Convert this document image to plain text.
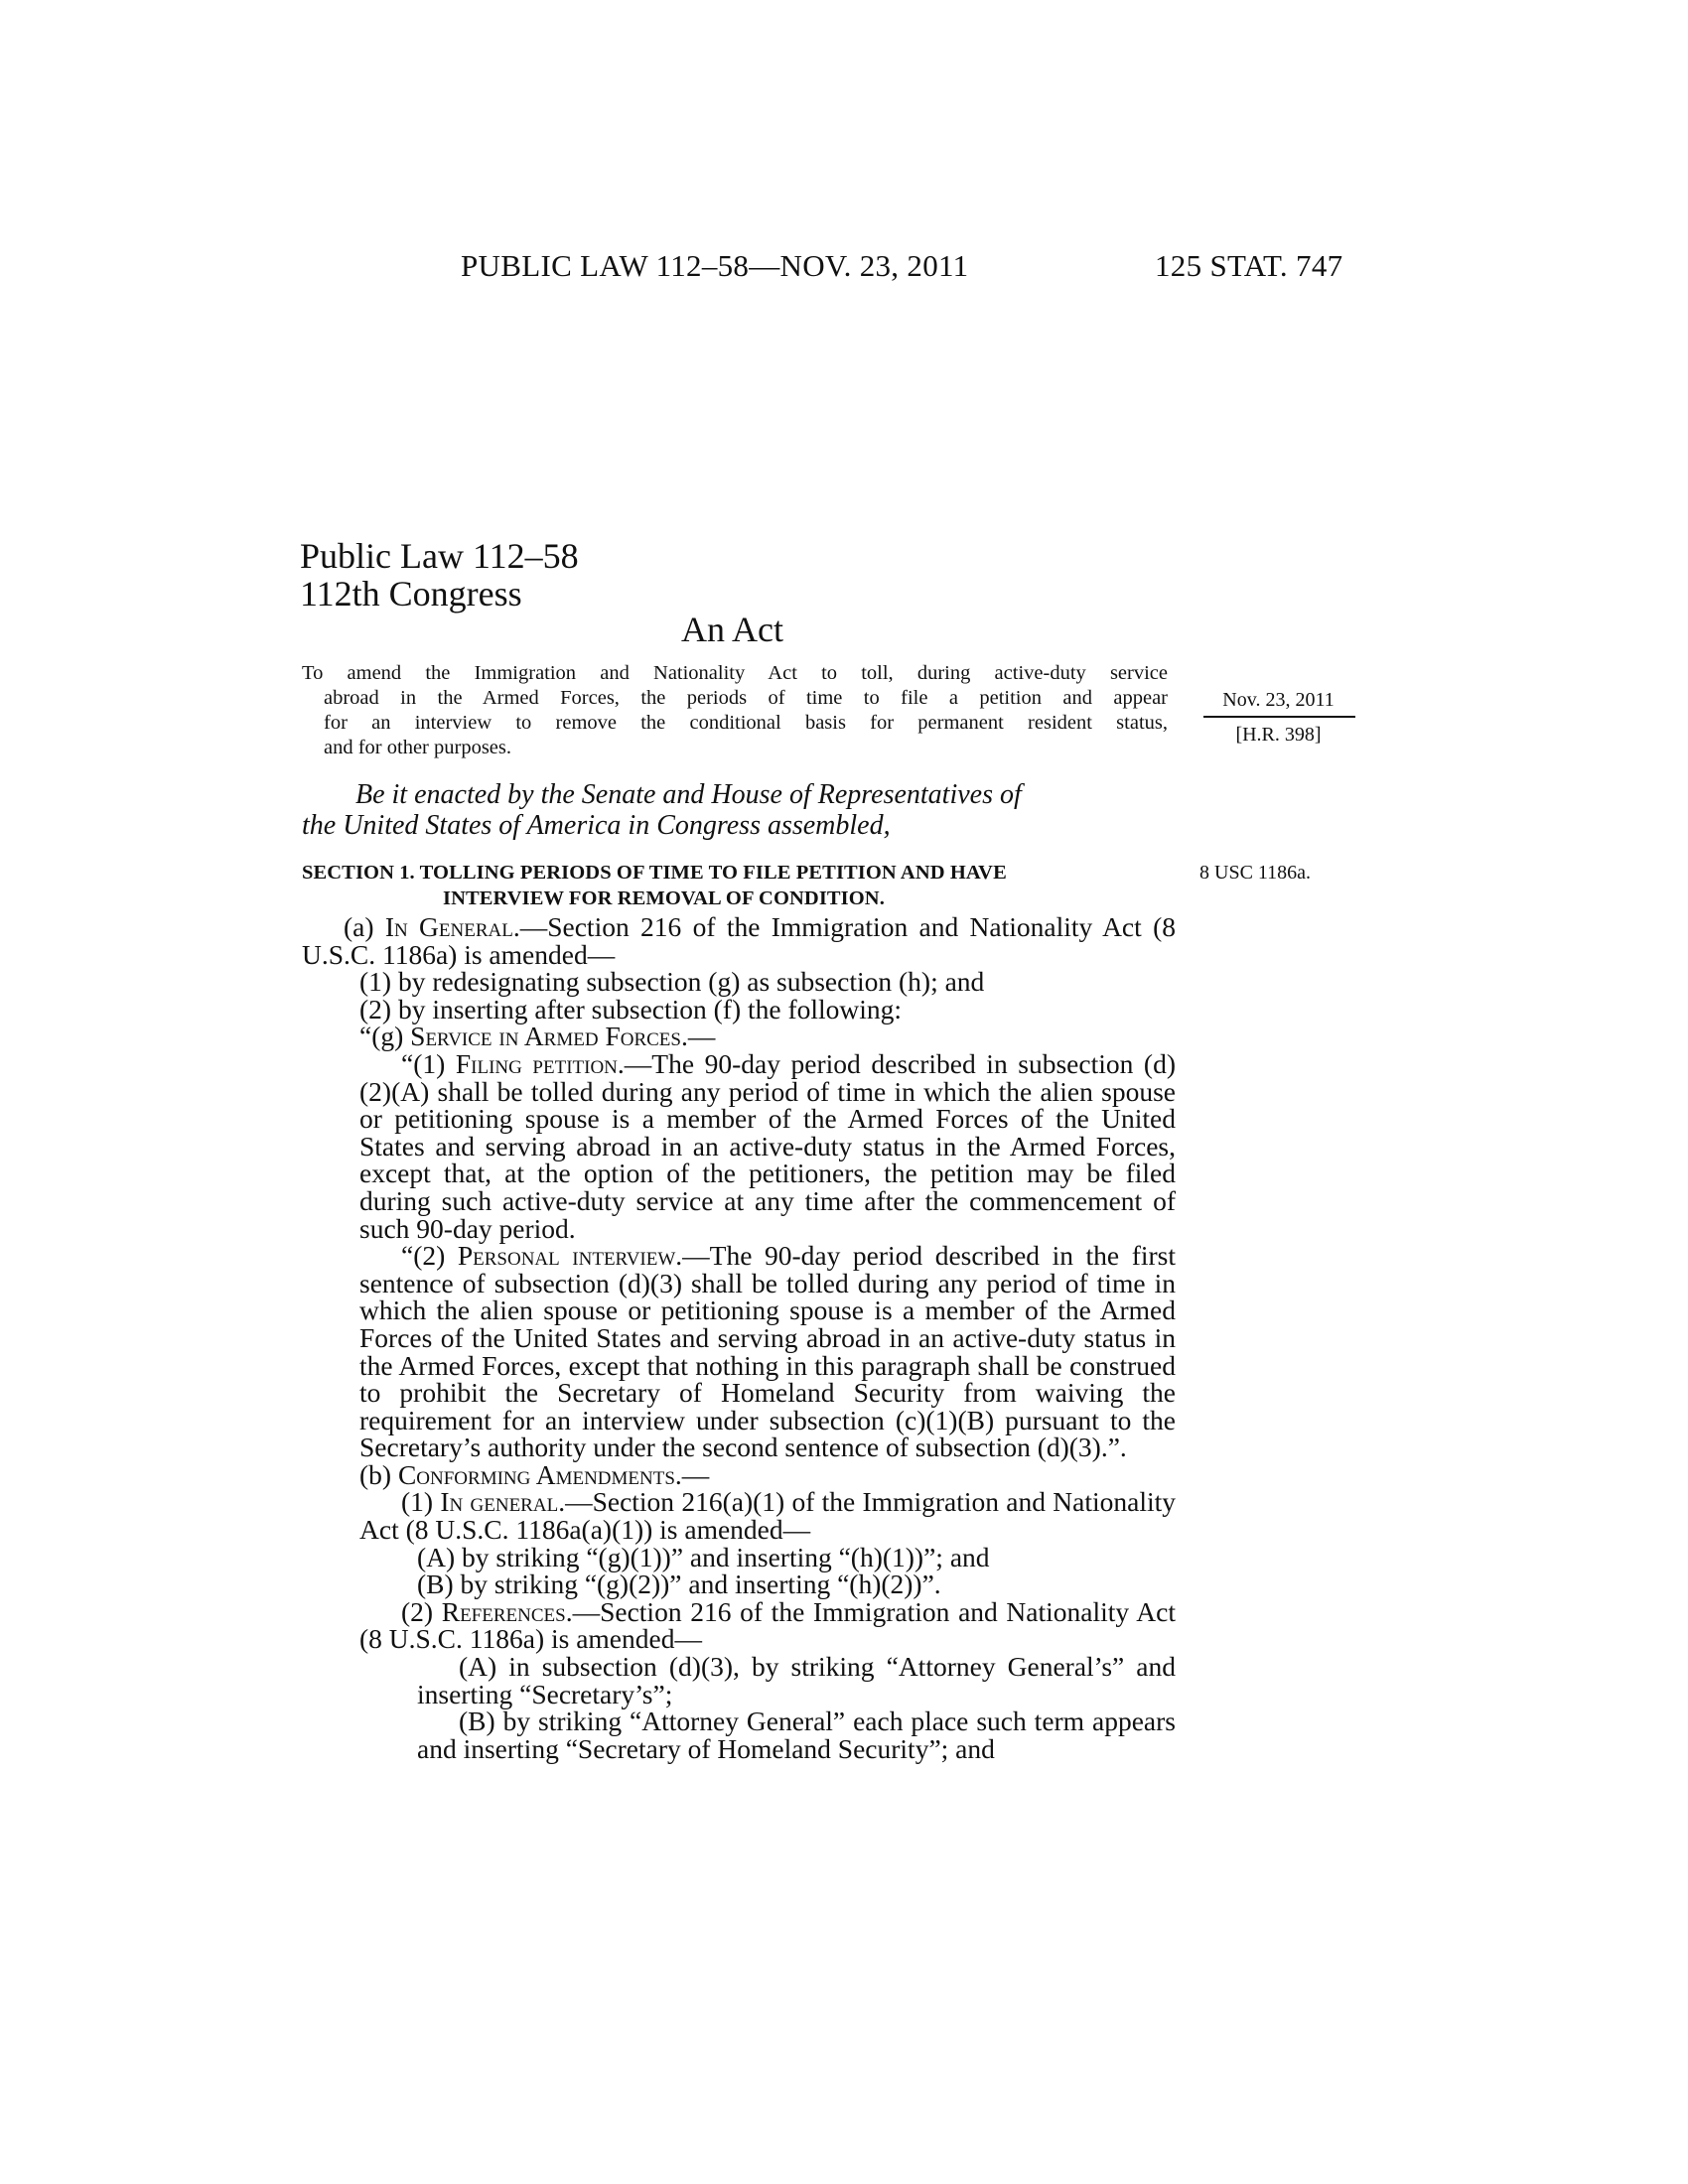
PUBLIC LAW 112–58—NOV. 23, 2011	125 STAT. 747
Public Law 112–58
112th Congress
An Act

To amend the Immigration and Nationality Act to toll, during active-duty service

abroad in the Armed Forces, the periods of time to file a petition and appear

for an interview to remove the conditional basis for permanent resident status,

and for other purposes.

Nov. 23, 2011
[H.R. 398]

Be it enacted by the Senate and House of Representatives of

the United States of America in Congress assembled,

SECTION 1. TOLLING PERIODS OF TIME TO FILE PETITION AND HAVE
INTERVIEW FOR REMOVAL OF CONDITION.
8 USC 1186a.

(a) In General.—Section 216 of the Immigration and Nationality Act (8 U.S.C. 1186a) is amended—

(1) by redesignating subsection (g) as subsection (h); and

(2) by inserting after subsection (f) the following:

“(g) Service in Armed Forces.—

“(1) Filing petition.—The 90-day period described in subsection (d)(2)(A) shall be tolled during any period of time in which the alien spouse or petitioning spouse is a member of the Armed Forces of the United States and serving abroad in an active-duty status in the Armed Forces, except that, at the option of the petitioners, the petition may be filed during such active-duty service at any time after the commencement of such 90-day period.

“(2) Personal interview.—The 90-day period described in the first sentence of subsection (d)(3) shall be tolled during any period of time in which the alien spouse or petitioning spouse is a member of the Armed Forces of the United States and serving abroad in an active-duty status in the Armed Forces, except that nothing in this paragraph shall be construed to prohibit the Secretary of Homeland Security from waiving the requirement for an interview under subsection (c)(1)(B) pursuant to the Secretary’s authority under the second sentence of subsection (d)(3).”.

(b) Conforming Amendments.—

(1) In general.—Section 216(a)(1) of the Immigration and Nationality Act (8 U.S.C. 1186a(a)(1)) is amended—

(A) by striking “(g)(1))” and inserting “(h)(1))”; and

(B) by striking “(g)(2))” and inserting “(h)(2))”.

(2) References.—Section 216 of the Immigration and Nationality Act (8 U.S.C. 1186a) is amended—

(A) in subsection (d)(3), by striking “Attorney General’s” and inserting “Secretary’s”;

(B) by striking “Attorney General” each place such term appears and inserting “Secretary of Homeland Security”; and
